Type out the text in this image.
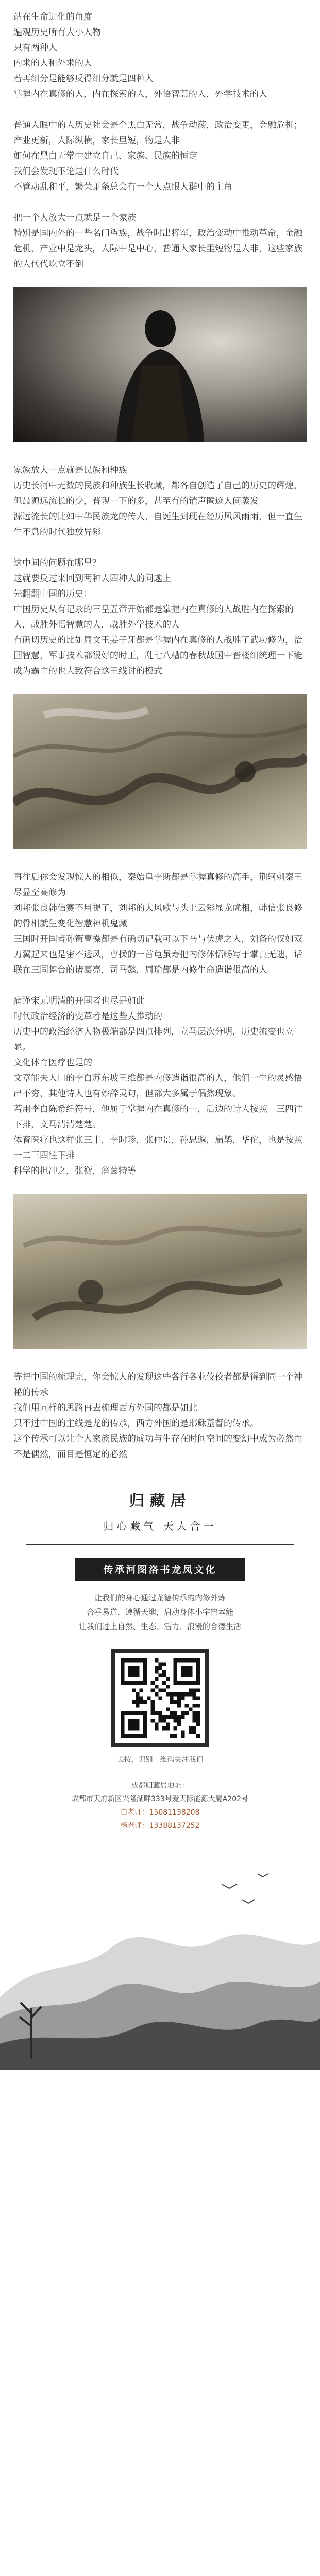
站在生命进化的角度
遍观历史所有大小人物
只有两种人
内求的人和外求的人
若再细分是能够反得细分就是四种人
掌握内在真修的人，内在探索的人，外悟智慧的人，外学技术的人
普通人眼中的人历史社会是个黑白无常，战争动荡，政治变更，金融危机；产业更新，人际纵横，家长里短，物是人非
如何在黑白无常中建立自己、家族、民族的恒定
我们会发现不论是什么时代
不管动乱和平，繁荣萧条总会有一个人点眼人群中的主角
把一个人放大一点就是一个家族
特别是国内外的一些名门望族，战争时出将军，政治变动中推动革命，金融危机，产业中是龙头，人际中是中心，普通人家长里短物是人非，这些家族的人代代屹立不倒
家族放大一点就是民族和种族
历史长河中无数的民族和种族生长收藏，都各自创造了自己的历史的辉煌，但最源远流长的少，普现一下的多，甚至有的销声匿迹人间蒸发
源远流长的比如中华民族龙的传人，自诞生到现在经历风风雨雨，但一直生生不息的时代独放异彩
这中间的问题在哪里？
这就要反过来回到两种人四种人的问题上
先翻翻中国的历史：
中国历史从有记录的三皇五帝开始都是掌握内在真修的人战胜内在探索的人，战胜外悟智慧的人，战胜外学技术的人
有确切历史的比如周文王姜子牙都是掌握内在真修的人战胜了武功修为，治国智慧，军事技术都很好的时王，乱七八糟的春秋战国中晋楼细统理一下能成为霸主的也大致符合这王线讨的模式
再往后你会发现惊人的相似，秦始皇李斯都是掌握真修的高手，荆轲刺秦王尽显至高修为
刘邦张良韩信赛不用提了，刘邦的大风歌与头上云彩显龙虎相，韩信张良修的骨相就生变化智慧神机鬼藏
三国时开国者孙策曹操都是有确切记载可以下马与伏虎之人，刘备的仅如双刀翼起来也是密不透风，曹操的一首龟虽寿把内修体悟畅写于掌真无遗，话联在三国舞台的诸葛亮，司马懿，周瑜都是内修生命造诣很高的人
痛谨宋元明清的开国者也尽是如此
时代政治经济的变革者是这些人推动的
历史中的政治经济人物极端都是四点排列，立马层次分明，历史流变也立显。
文化体育医疗也是的
文章能夫人口的李白苏东坡王维都是内修造诣很高的人，他们一生的灵感悟出不穷，其他诗人也有妙辞灵句，但都大多属于偶然现象。
若用李白陈希纤符号，他属于掌握内在真修的一，后边的诗人按照二三四往下排，文马清清楚楚。
体育医疗也这样张三丰，李时珍，张仲景，孙思邈，扁鹊，华佗，也是按照一二三四往下排
科学的担冲之，张衡，詹茵特等
等把中国的梳理完，你会惊人的发现这些各行各业佼佼者都是得到同一个神秘的传承
我们用同样的思路再去梳理西方外国的都是如此
只不过中国的主线是龙的传承，西方外国的是耶稣基督的传承。
这个传承可以让个人家族民族的成功与生存在时间空间的变幻中成为必然而不是偶然，而目是恒定的必然
归藏居
归心藏气 天人合一
传承河图洛书龙凤文化
让我们的身心通过龙德传承的内修外炼
合乎易道，遵循天地，启动身体小宇宙本能
让我们过上自然、生态、活力、浪漫的合德生活
长按，识别二维码关注我们
成都归藏居地址：
成都市天府新区兴隆湖畔333号爱天际能源大厦A202号
白老师：15081138208
杨老师：13388137252
